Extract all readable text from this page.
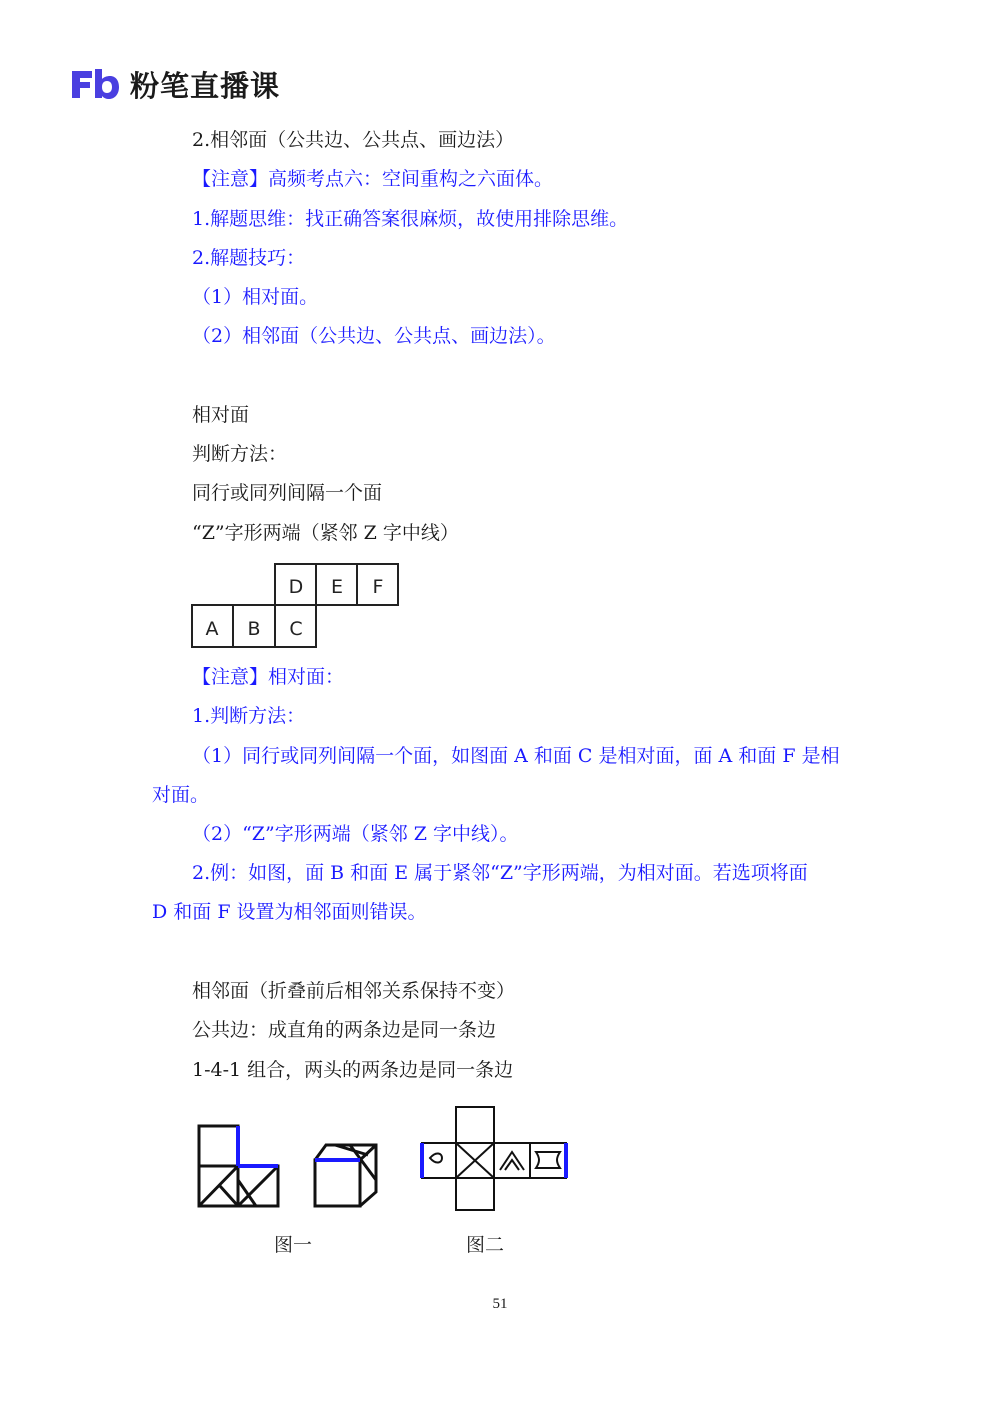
粉笔直播课
2.相邻面（公共边、公共点、画边法）
【注意】高频考点六：空间重构之六面体。
1.解题思维：找正确答案很麻烦，故使用排除思维。
2.解题技巧：
（1）相对面。
（2）相邻面（公共边、公共点、画边法）。
相对面
判断方法：
同行或同列间隔一个面
“Z”字形两端（紧邻 Z 字中线）
D E F
A B C
【注意】相对面：
1.判断方法：
（1）同行或同列间隔一个面，如图面 A 和面 C 是相对面，面 A 和面 F 是相
对面。
（2）“Z”字形两端（紧邻 Z 字中线）。
2.例：如图，面 B 和面 E 属于紧邻“Z”字形两端，为相对面。若选项将面
D 和面 F 设置为相邻面则错误。
相邻面（折叠前后相邻关系保持不变）
公共边：成直角的两条边是同一条边
1-4-1 组合，两头的两条边是同一条边
图一	图二
51
